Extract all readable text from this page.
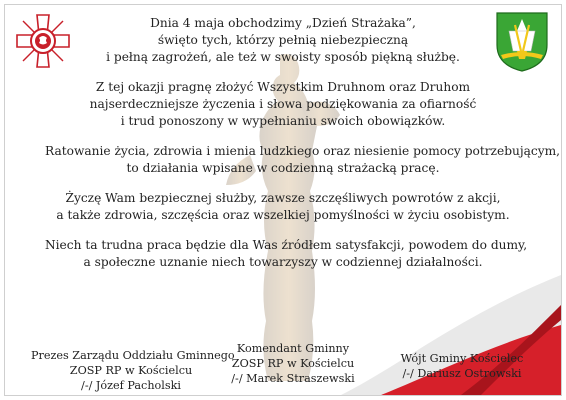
Dnia 4 maja obchodzimy „Dzień Strażaka”,
święto tych, którzy pełnią niebezpieczną
i pełną zagrożeń, ale też w swoisty sposób piękną służbę.

Z tej okazji pragnę złożyć Wszystkim Druhnom oraz Druhom
najserdeczniejsze życzenia i słowa podziękowania za ofiarność
i trud ponoszony w wypełnianiu swoich obowiązków.

Ratowanie życia, zdrowia i mienia ludzkiego oraz niesienie pomocy potrzebującym,
to działania wpisane w codzienną strażacką pracę.

Życzę Wam bezpiecznej służby, zawsze szczęśliwych powrotów z akcji,
a także zdrowia, szczęścia oraz wszelkiej pomyślności w życiu osobistym.

Niech ta trudna praca będzie dla Was źródłem satysfakcji, powodem do dumy,
a społeczne uznanie niech towarzyszy w codziennej działalności.

Prezes Zarządu Oddziału Gminnego
ZOSP RP w Kościelcu
/-/ Józef Pacholski
Komendant Gminny
ZOSP RP w Kościelcu
/-/ Marek Straszewski
Wójt Gminy Kościelec
/-/ Dariusz Ostrowski
